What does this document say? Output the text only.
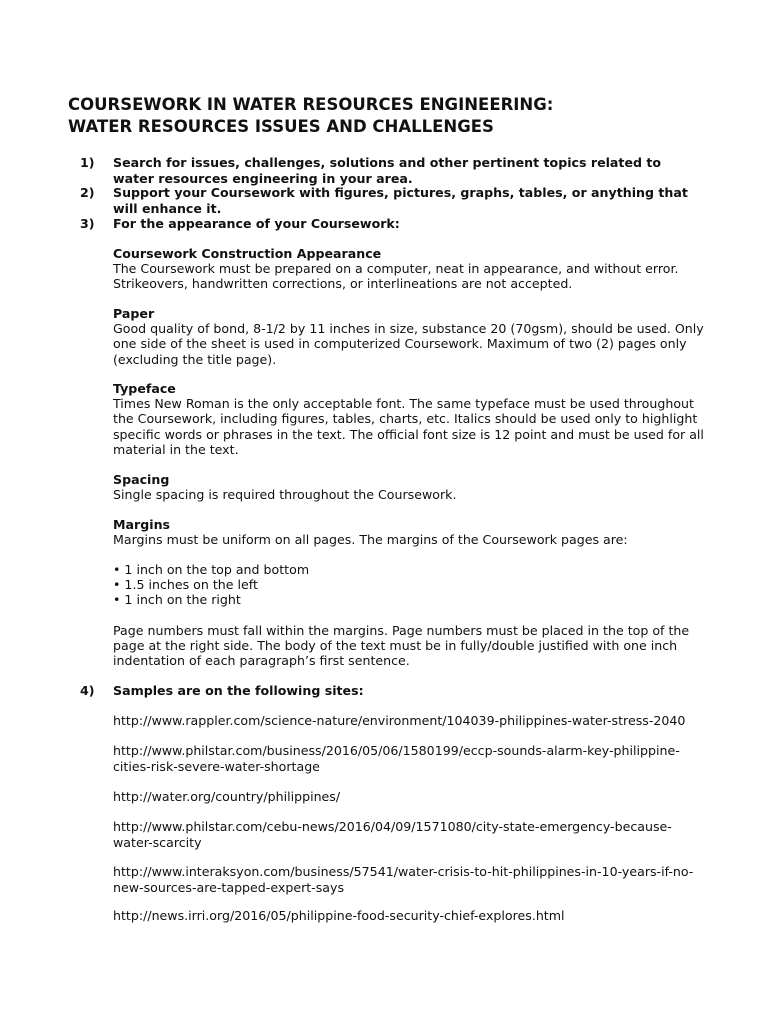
COURSEWORK IN WATER RESOURCES ENGINEERING:
WATER RESOURCES ISSUES AND CHALLENGES
1)	Search for issues, challenges, solutions and other pertinent topics related to water resources engineering in your area.
2)	Support your Coursework with figures, pictures, graphs, tables, or anything that will enhance it.
3)	For the appearance of your Coursework:
Coursework Construction Appearance
The Coursework must be prepared on a computer, neat in appearance, and without error. Strikeovers, handwritten corrections, or interlineations are not accepted.
Paper
Good quality of bond, 8-1/2 by 11 inches in size, substance 20 (70gsm), should be used. Only one side of the sheet is used in computerized Coursework. Maximum of two (2) pages only (excluding the title page).
Typeface
Times New Roman is the only acceptable font. The same typeface must be used throughout the Coursework, including figures, tables, charts, etc. Italics should be used only to highlight specific words or phrases in the text. The official font size is 12 point and must be used for all material in the text.
Spacing
Single spacing is required throughout the Coursework.
Margins
Margins must be uniform on all pages. The margins of the Coursework pages are:
• 1 inch on the top and bottom
• 1.5 inches on the left
• 1 inch on the right
Page numbers must fall within the margins. Page numbers must be placed in the top of the page at the right side. The body of the text must be in fully/double justified with one inch indentation of each paragraph’s first sentence.
4)	Samples are on the following sites:
http://www.rappler.com/science-nature/environment/104039-philippines-water-stress-2040
http://www.philstar.com/business/2016/05/06/1580199/eccp-sounds-alarm-key-philippine-cities-risk-severe-water-shortage
http://water.org/country/philippines/
http://www.philstar.com/cebu-news/2016/04/09/1571080/city-state-emergency-because-water-scarcity
http://www.interaksyon.com/business/57541/water-crisis-to-hit-philippines-in-10-years-if-no-new-sources-are-tapped-expert-says
http://news.irri.org/2016/05/philippine-food-security-chief-explores.html
